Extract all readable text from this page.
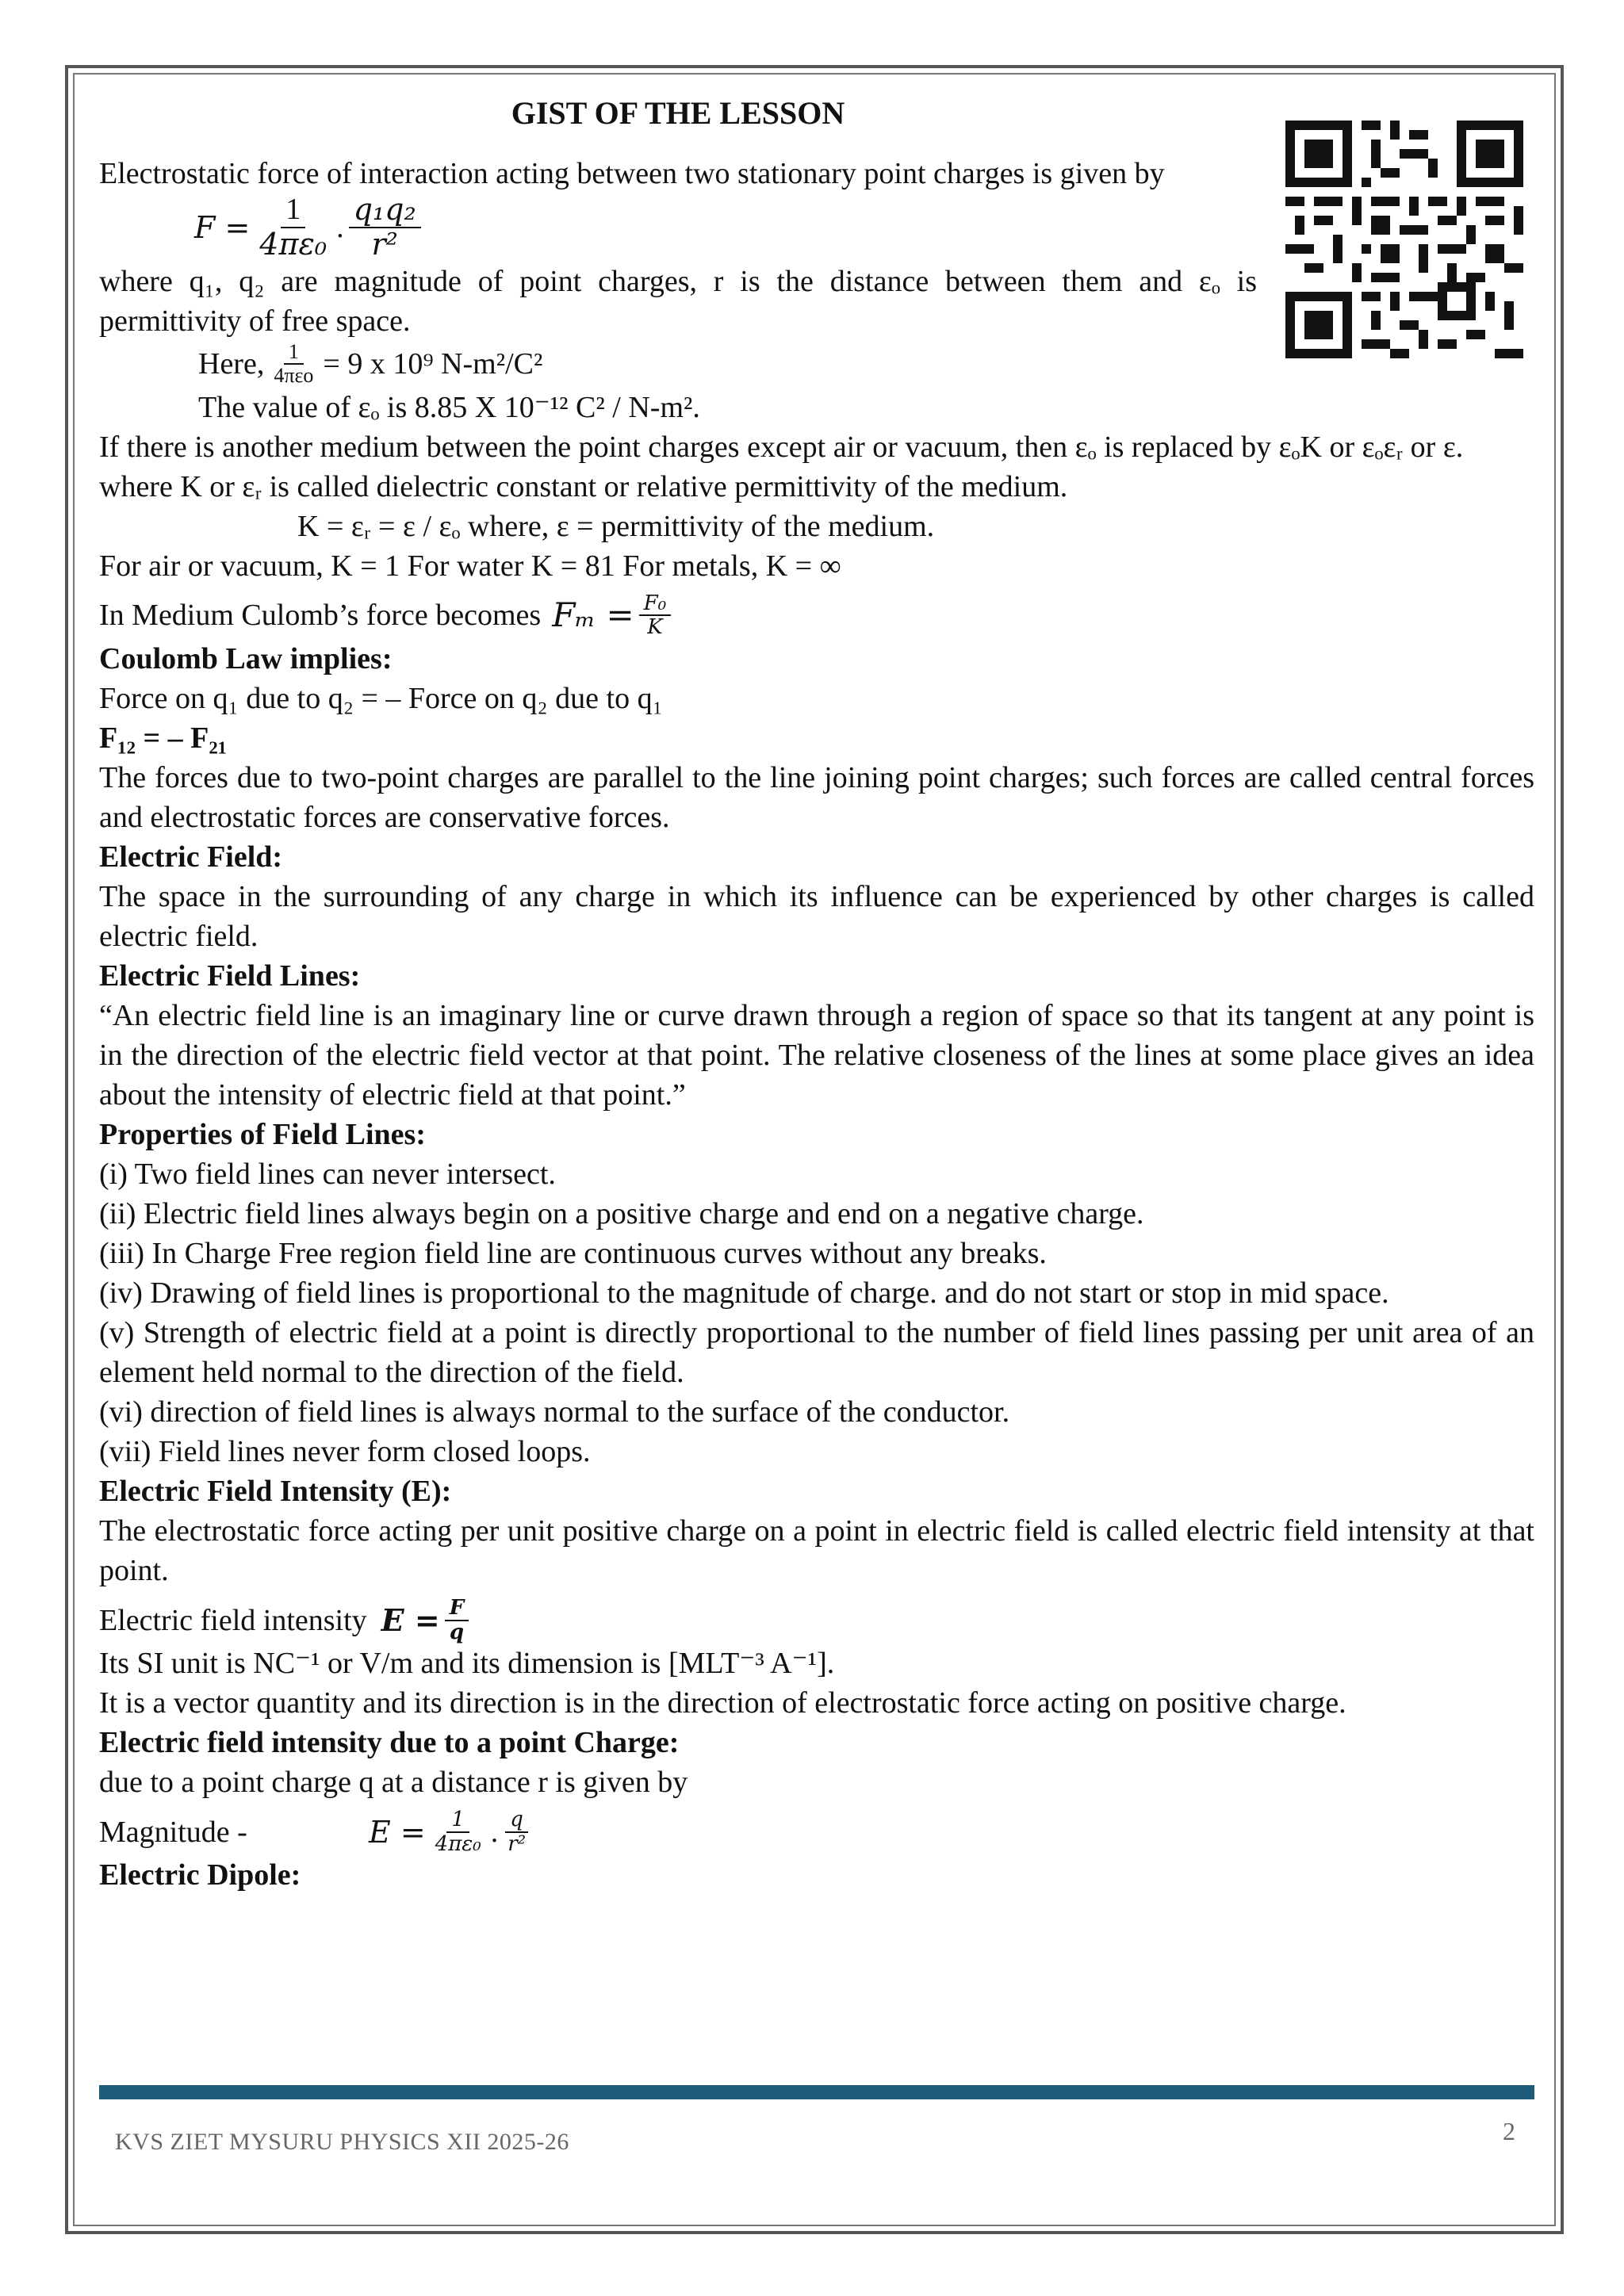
GIST OF THE LESSON
Electrostatic force of interaction acting between two stationary point charges is given by
$F = \frac{1}{\text{4πε₀}}$ . $\frac{\text{q₁q₂}}{\text{r²}}$
where q₁, q₂ are magnitude of point charges, r is the distance between them and εₒ is permittivity of free space.
Here, $\frac{1}{\text{4πεo}} = 9$ x 10⁹ N-m²/C²
The value of εₒ is 8.85 X 10⁻¹² C² / N-m².
If there is another medium between the point charges except air or vacuum, then εₒ is replaced by εₒK or εₒεᵣ or ε.
where K or εᵣ is called dielectric constant or relative permittivity of the medium.
K = εᵣ = ε / εₒ where, ε = permittivity of the medium.
For air or vacuum, K = 1 For water K = 81 For metals, K = ∞
In Medium Culomb’s force becomes $F_m = \frac{\text{F₀}}{K}$
Coulomb Law implies:
Force on q₁ due to q₂ = – Force on q₂ due to q₁
F₁₂ = – F₂₁
The forces due to two-point charges are parallel to the line joining point charges; such forces are called central forces and electrostatic forces are conservative forces.
Electric Field:
The space in the surrounding of any charge in which its influence can be experienced by other charges is called electric field.
Electric Field Lines:
“An electric field line is an imaginary line or curve drawn through a region of space so that its tangent at any point is in the direction of the electric field vector at that point. The relative closeness of the lines at some place gives an idea about the intensity of electric field at that point.”
Properties of Field Lines:
(i) Two field lines can never intersect.
(ii) Electric field lines always begin on a positive charge and end on a negative charge.
(iii) In Charge Free region field line are continuous curves without any breaks.
(iv) Drawing of field lines is proportional to the magnitude of charge. and do not start or stop in mid space.
(v) Strength of electric field at a point is directly proportional to the number of field lines passing per unit area of an element held normal to the direction of the field.
(vi) direction of field lines is always normal to the surface of the conductor.
(vii) Field lines never form closed loops.
Electric Field Intensity (E):
The electrostatic force acting per unit positive charge on a point in electric field is called electric field intensity at that point.
Electric field intensity $E = \frac{F}{q}$
Its SI unit is NC⁻¹ or V/m and its dimension is [MLT⁻³ A⁻¹].
It is a vector quantity and its direction is in the direction of electrostatic force acting on positive charge.
Electric field intensity due to a point Charge:
due to a point charge q at a distance r is given by
Magnitude -	$E = \frac{1}{\text{4πε₀}}$ . $\frac{q}{\text{r²}}$
Electric Dipole:
KVS ZIET MYSURU PHYSICS XII 2025-26	2
